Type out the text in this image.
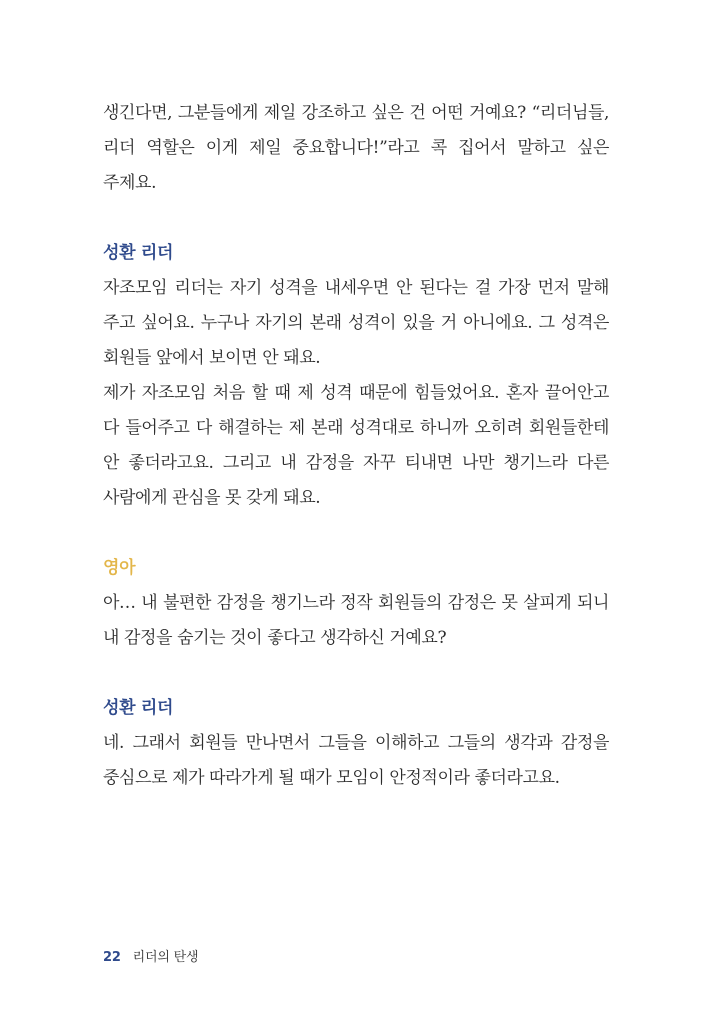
생긴다면, 그분들에게 제일 강조하고 싶은 건 어떤 거예요? “리더님들, 리더 역할은 이게 제일 중요합니다!”라고 콕 집어서 말하고 싶은 주제요.

성환 리더

자조모임 리더는 자기 성격을 내세우면 안 된다는 걸 가장 먼저 말해 주고 싶어요. 누구나 자기의 본래 성격이 있을 거 아니에요. 그 성격은 회원들 앞에서 보이면 안 돼요.

제가 자조모임 처음 할 때 제 성격 때문에 힘들었어요. 혼자 끌어안고 다 들어주고 다 해결하는 제 본래 성격대로 하니까 오히려 회원들한테 안 좋더라고요. 그리고 내 감정을 자꾸 티내면 나만 챙기느라 다른 사람에게 관심을 못 갖게 돼요.

영아

아… 내 불편한 감정을 챙기느라 정작 회원들의 감정은 못 살피게 되니 내 감정을 숨기는 것이 좋다고 생각하신 거예요?

성환 리더

네. 그래서 회원들 만나면서 그들을 이해하고 그들의 생각과 감정을 중심으로 제가 따라가게 될 때가 모임이 안정적이라 좋더라고요.

22 리더의 탄생
